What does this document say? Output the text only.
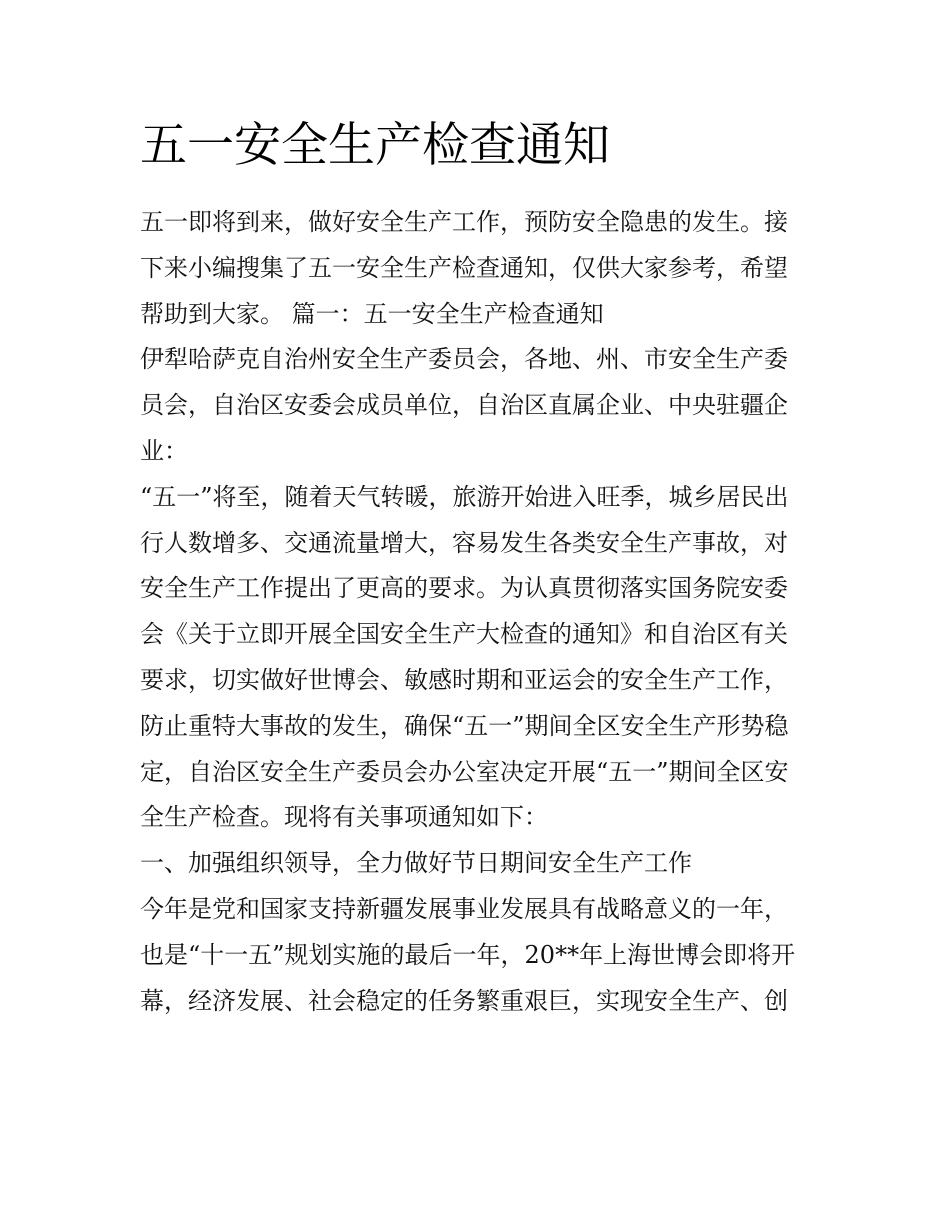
五一安全生产检查通知
五一即将到来，做好安全生产工作，预防安全隐患的发生。接
下来小编搜集了五一安全生产检查通知，仅供大家参考，希望
帮助到大家。 篇一：五一安全生产检查通知
伊犁哈萨克自治州安全生产委员会，各地、州、市安全生产委
员会，自治区安委会成员单位，自治区直属企业、中央驻疆企
业：
“五一”将至，随着天气转暖，旅游开始进入旺季，城乡居民出
行人数增多、交通流量增大，容易发生各类安全生产事故，对
安全生产工作提出了更高的要求。为认真贯彻落实国务院安委
会《关于立即开展全国安全生产大检查的通知》和自治区有关
要求，切实做好世博会、敏感时期和亚运会的安全生产工作，
防止重特大事故的发生，确保“五一”期间全区安全生产形势稳
定，自治区安全生产委员会办公室决定开展“五一”期间全区安
全生产检查。现将有关事项通知如下：
一、加强组织领导，全力做好节日期间安全生产工作
今年是党和国家支持新疆发展事业发展具有战略意义的一年，
也是“十一五”规划实施的最后一年，20**年上海世博会即将开
幕，经济发展、社会稳定的任务繁重艰巨，实现安全生产、创
